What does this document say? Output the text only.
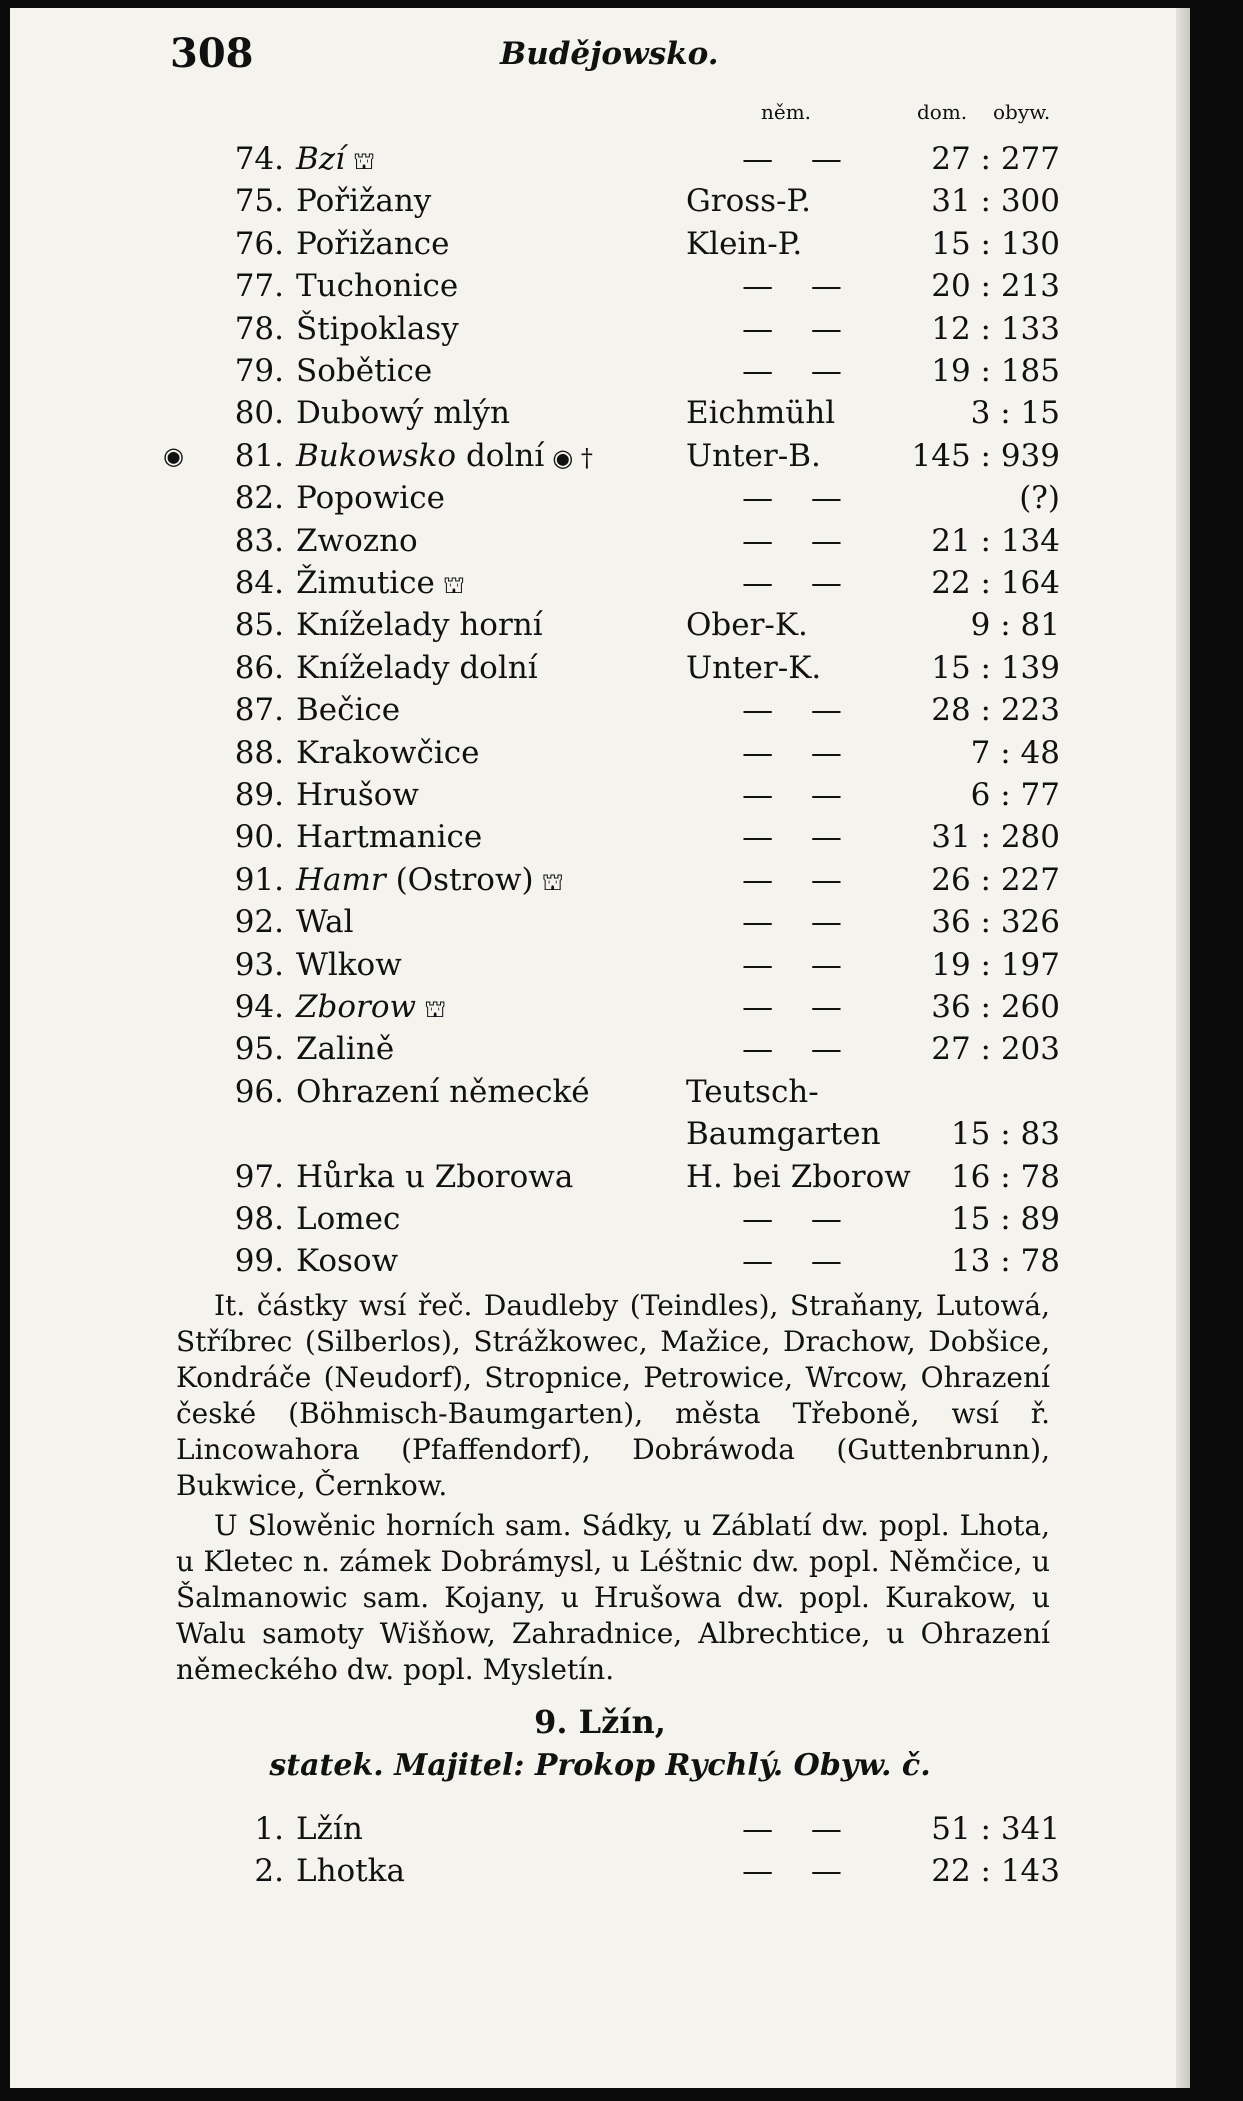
308	Budějowsko.
něm.	dom. obyw.
74. Bzí ⛫	—  —	27 : 277
75. Pořižany	Gross-P.	31 : 300
76. Pořižance	Klein-P.	15 : 130
77. Tuchonice	—  —	20 : 213
78. Štipoklasy	—  —	12 : 133
79. Sobětice	—  —	19 : 185
80. Dubowý mlýn	Eichmühl	3 : 15
◉	81. Bukowsko dolní ◉ †	Unter-B.	145 : 939
82. Popowice	—  —	(?)
83. Zwozno	—  —	21 : 134
84. Žimutice ⛫	—  —	22 : 164
85. Kníželady horní	Ober-K.	9 : 81
86. Kníželady dolní	Unter-K.	15 : 139
87. Bečice	—  —	28 : 223
88. Krakowčice	—  —	7 : 48
89. Hrušow	—  —	6 : 77
90. Hartmanice	—  —	31 : 280
91. Hamr (Ostrow) ⛫	—  —	26 : 227
92. Wal	—  —	36 : 326
93. Wlkow	—  —	19 : 197
94. Zborow ⛫	—  —	36 : 260
95. Zalině	—  —	27 : 203
96. Ohrazení německé	Teutsch-
Baumgarten	15 : 83
97. Hůrka u Zborowa	H. bei Zborow	16 : 78
98. Lomec	—  —	15 : 89
99. Kosow	—  —	13 : 78
It. částky wsí řeč. Daudleby (Teindles), Straňany, Lutowá, Stříbrec (Silberlos), Strážkowec, Mažice, Drachow, Dobšice, Kondráče (Neudorf), Stropnice, Petrowice, Wrcow, Ohrazení české (Böhmisch-Baumgarten), města Třeboně, wsí ř. Lincowahora (Pfaffendorf), Dobráwoda (Guttenbrunn), Bukwice, Černkow.
U Slowěnic horních sam. Sádky, u Záblatí dw. popl. Lhota, u Kletec n. zámek Dobrámysl, u Léštnic dw. popl. Němčice, u Šalmanowic sam. Kojany, u Hrušowa dw. popl. Kurakow, u Walu samoty Wišňow, Zahradnice, Albrechtice, u Ohrazení německého dw. popl. Mysletín.
9. Lžín,
statek. Majitel: Prokop Rychlý. Obyw. č.
1. Lžín	—  —	51 : 341
2. Lhotka	—  —	22 : 143
